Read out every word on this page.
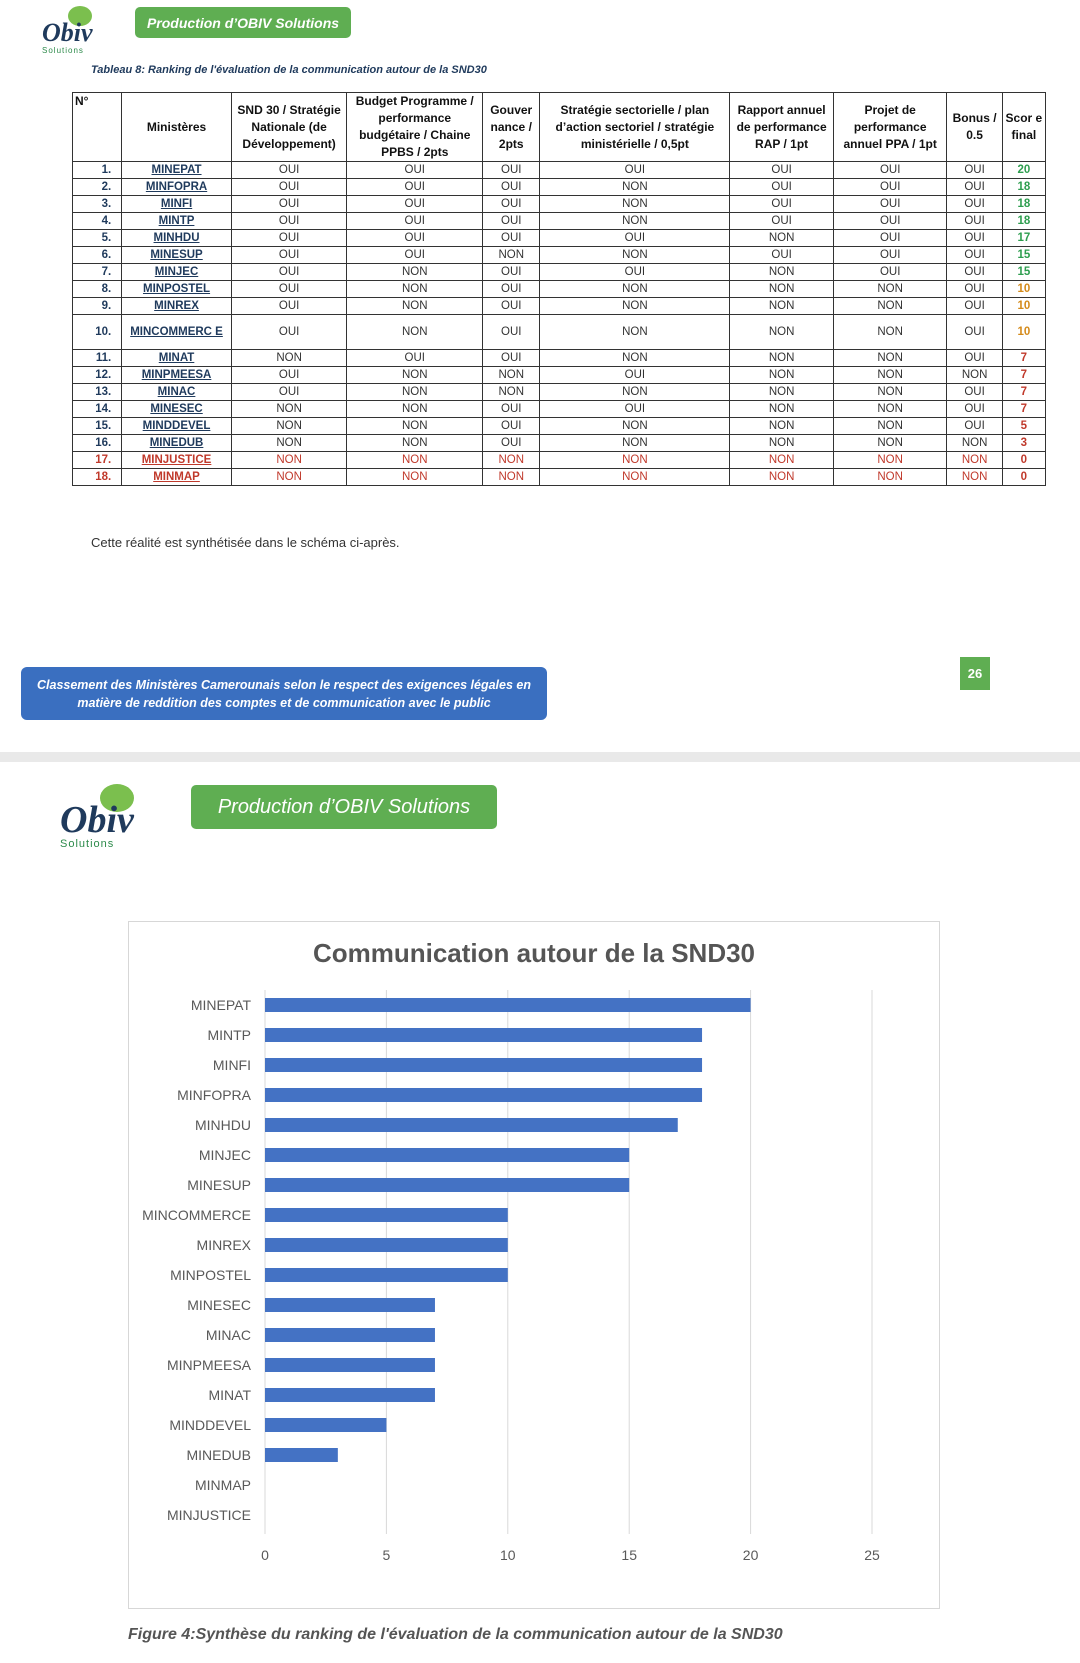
Obiv
Solutions
Production d’OBIV Solutions
Tableau 8: Ranking de l'évaluation de la communication autour de la SND30
N°	Ministères	SND 30 / Stratégie Nationale (de Développement)	Budget Programme / performance budgétaire / Chaine PPBS / 2pts	Gouver nance / 2pts	Stratégie sectorielle / plan d’action sectoriel / stratégie ministérielle / 0,5pt	Rapport annuel de performance RAP / 1pt	Projet de performance annuel PPA / 1pt	Bonus / 0.5	Scor e final
1.	MINEPAT	OUI	OUI	OUI	OUI	OUI	OUI	OUI	20
2.	MINFOPRA	OUI	OUI	OUI	NON	OUI	OUI	OUI	18
3.	MINFI	OUI	OUI	OUI	NON	OUI	OUI	OUI	18
4.	MINTP	OUI	OUI	OUI	NON	OUI	OUI	OUI	18
5.	MINHDU	OUI	OUI	OUI	OUI	NON	OUI	OUI	17
6.	MINESUP	OUI	OUI	NON	NON	OUI	OUI	OUI	15
7.	MINJEC	OUI	NON	OUI	OUI	NON	OUI	OUI	15
8.	MINPOSTEL	OUI	NON	OUI	NON	NON	NON	OUI	10
9.	MINREX	OUI	NON	OUI	NON	NON	NON	OUI	10
10.	MINCOMMERC E	OUI	NON	OUI	NON	NON	NON	OUI	10
11.	MINAT	NON	OUI	OUI	NON	NON	NON	OUI	7
12.	MINPMEESA	OUI	NON	NON	OUI	NON	NON	NON	7
13.	MINAC	OUI	NON	NON	NON	NON	NON	OUI	7
14.	MINESEC	NON	NON	OUI	OUI	NON	NON	OUI	7
15.	MINDDEVEL	NON	NON	OUI	NON	NON	NON	OUI	5
16.	MINEDUB	NON	NON	OUI	NON	NON	NON	NON	3
17.	MINJUSTICE	NON	NON	NON	NON	NON	NON	NON	0
18.	MINMAP	NON	NON	NON	NON	NON	NON	NON	0
Cette réalité est synthétisée dans le schéma ci-après.
Classement des Ministères Camerounais selon le respect des exigences légales en matière de reddition des comptes et de communication avec le public
26
Obiv
Solutions
Production d’OBIV Solutions
Communication autour de la SND30
0	5	10	15	20	25
MINEPAT
MINTP
MINFI
MINFOPRA
MINHDU
MINJEC
MINESUP
MINCOMMERCE
MINREX
MINPOSTEL
MINESEC
MINAC
MINPMEESA
MINAT
MINDDEVEL
MINEDUB
MINMAP
MINJUSTICE
Figure 4:Synthèse du ranking de l'évaluation de la communication autour de la SND30
